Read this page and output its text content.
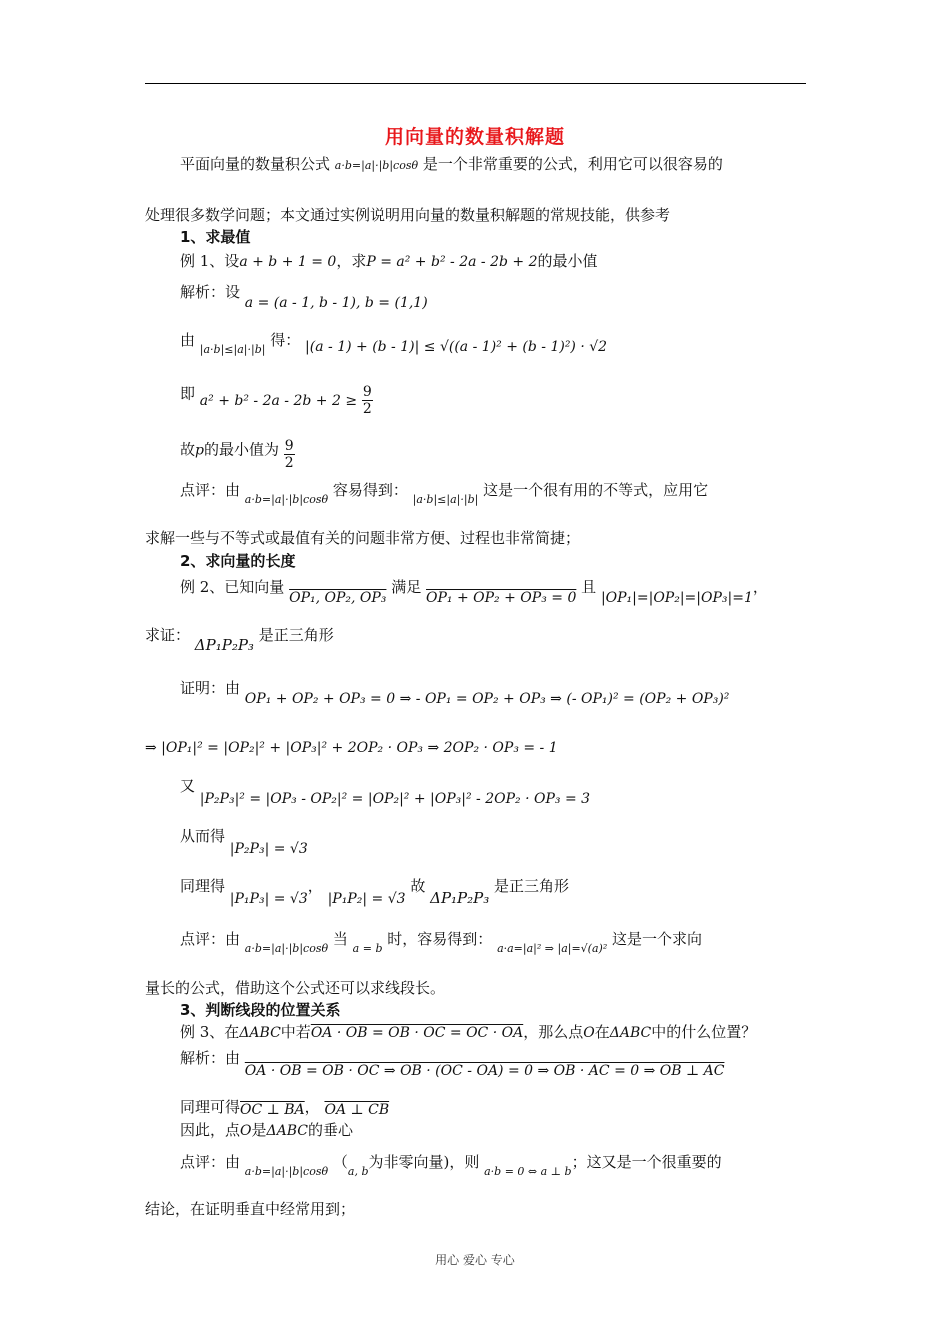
用向量的数量积解题
平面向量的数量积公式 a·b=|a|·|b|cosθ 是一个非常重要的公式，利用它可以很容易的
处理很多数学问题；本文通过实例说明用向量的数量积解题的常规技能，供参考
1、求最值
例 1、设a + b + 1 = 0，求P = a² + b² - 2a - 2b + 2的最小值
解析：设 a = (a - 1, b - 1), b = (1,1)
由 $_{|a\cdot b|\le|a|\cdot|b|}$ 得： |(a - 1) + (b - 1)| ≤ √((a - 1)² + (b - 1)²) · √2
即 $a^2 + b^2 - 2a - 2b + 2 \ge \frac{9}{2}$
故p的最小值为 $\frac{9}{2}$
点评：由 $_{a\cdot b=|a|\cdot|b|cos\theta}$ 容易得到： $_{|a\cdot b|\le|a|\cdot|b|}$ 这是一个很有用的不等式，应用它
求解一些与不等式或最值有关的问题非常方便、过程也非常简捷；
2、求向量的长度
例 2、已知向量 OP₁, OP₂, OP₃ 满足 OP₁ + OP₂ + OP₃ = 0 且 |OP₁|=|OP₂|=|OP₃|=1，
求证： ΔP₁P₂P₃ 是正三角形
证明：由 OP₁ + OP₂ + OP₃ = 0 ⇒ - OP₁ = OP₂ + OP₃ ⇒ (- OP₁)² = (OP₂ + OP₃)²
⇒ |OP₁|² = |OP₂|² + |OP₃|² + 2OP₂ · OP₃ ⇒ 2OP₂ · OP₃ = - 1
又 |P₂P₃|² = |OP₃ - OP₂|² = |OP₂|² + |OP₃|² - 2OP₂ · OP₃ = 3
从而得 |P₂P₃| = √3
同理得 |P₁P₃| = √3， |P₁P₂| = √3 故 ΔP₁P₂P₃ 是正三角形
点评：由 $_{a\cdot b=|a|\cdot|b|cos\theta}$ 当 $_{a = b}$ 时，容易得到： $_{a\cdot a=|a|^2 \Rightarrow |a|=√(a)^2}$ 这是一个求向
量长的公式，借助这个公式还可以求线段长。
3、判断线段的位置关系
例 3、在ΔABC中若OA · OB = OB · OC = OC · OA，那么点O在ΔABC中的什么位置？
解析：由 OA · OB = OB · OC ⇒ OB · (OC - OA) = 0 ⇒ OB · AC = 0 ⇒ OB ⊥ AC
同理可得OC ⊥ BA， OA ⊥ CB
因此，点O是ΔABC的垂心
点评：由 $_{a\cdot b=|a|\cdot|b|cos\theta}$ （$_{a, b}$为非零向量)，则 $_{a\cdot b = 0 \Leftrightarrow a \perp b}$；这又是一个很重要的
结论，在证明垂直中经常用到；
用心 爱心 专心
